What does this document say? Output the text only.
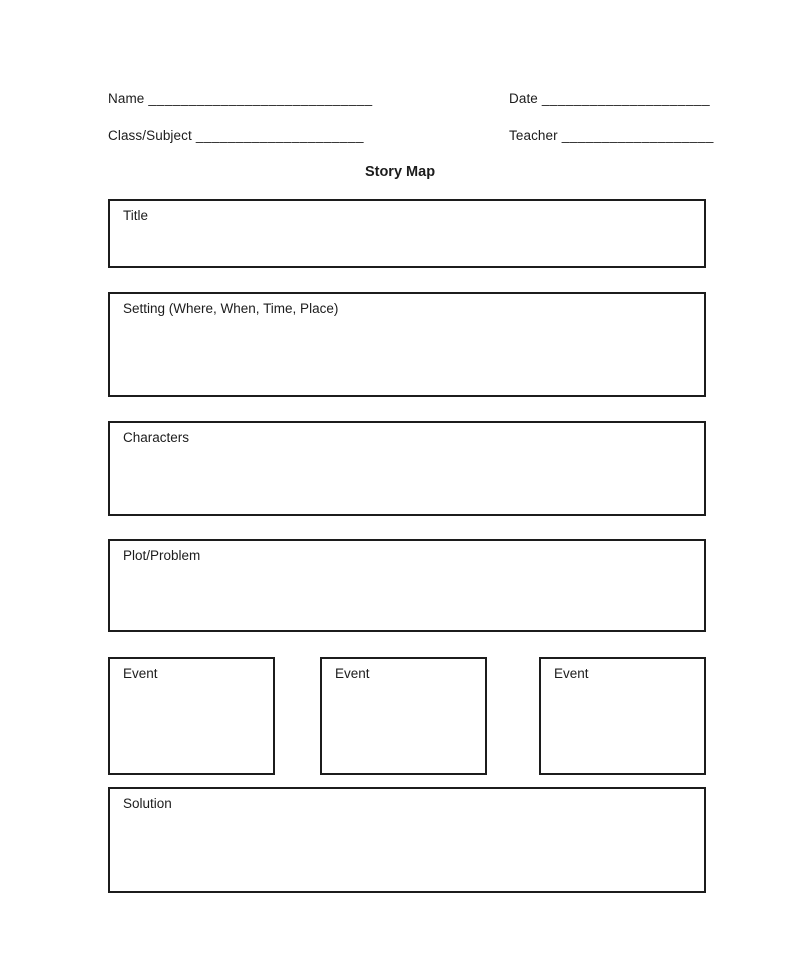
Name ____________________________	Date _____________________
Class/Subject _____________________	Teacher ___________________
Story Map
Title
Setting (Where, When, Time, Place)
Characters
Plot/Problem
Event	Event	Event
Solution
